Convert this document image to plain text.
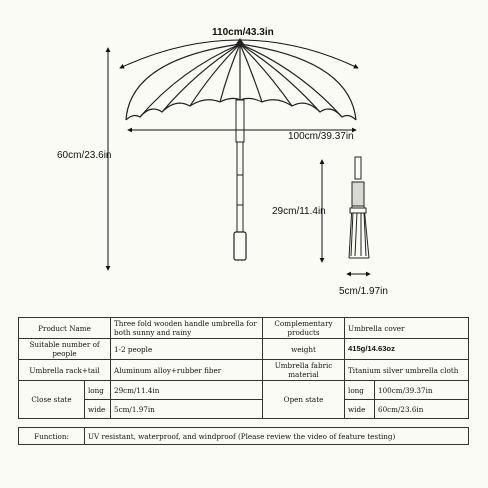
110cm/43.3in
60cm/23.6in
100cm/39.37in
29cm/11.4in
5cm/1.97in
Product Name		Three fold wooden handle umbrella for both sunny and rainy	Complementary products	Umbrella cover	
Suitable number of people		1-2 people	weight	415g/14.63oz	
Umbrella rack+tail		Aluminum alloy+rubber fiber	Umbrella fabric material	Titanium silver umbrella cloth	
Close state	long	29cm/11.4in	Open state	long	100cm/39.37in
	wide	5cm/1.97in		wide	60cm/23.6in

Function:	UV resistant, waterproof, and windproof (Please review the video of feature testing)				
